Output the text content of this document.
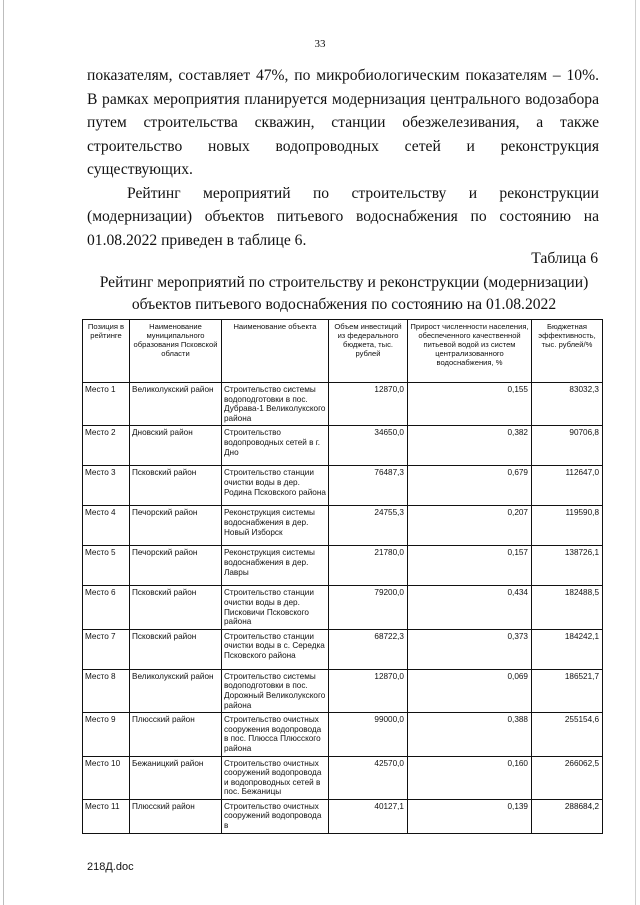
33

показателям, составляет 47%, по микробиологическим показателям – 10%. В рамках мероприятия планируется модернизация центрального водозабора путем строительства скважин, станции обезжелезивания, а также строительство новых водопроводных сетей и реконструкция существующих.

Рейтинг мероприятий по строительству и реконструкции (модернизации) объектов питьевого водоснабжения по состоянию на 01.08.2022 приведен в таблице 6.

Таблица 6
Рейтинг мероприятий по строительству и реконструкции (модернизации) объектов питьевого водоснабжения по состоянию на 01.08.2022
Позиция в рейтинге	Наименование муниципального образования Псковской области	Наименование объекта	Объем инвестиций из федерального бюджета, тыс. рублей	Прирост численности населения, обеспеченного качественной питьевой водой из систем централизованного водоснабжения, %	Бюджетная эффективность, тыс. рублей/%
Место 1	Великолукский район	Строительство системы водоподготовки в пос. Дубрава-1 Великолукского района	12870,0	0,155	83032,3
Место 2	Дновский район	Строительство водопроводных сетей в г. Дно	34650,0	0,382	90706,8
Место 3	Псковский район	Строительство станции очистки воды в дер. Родина Псковского района	76487,3	0,679	112647,0
Место 4	Печорский район	Реконструкция системы водоснабжения в дер. Новый Изборск	24755,3	0,207	119590,8
Место 5	Печорский район	Реконструкция системы водоснабжения в дер. Лавры	21780,0	0,157	138726,1
Место 6	Псковский район	Строительство станции очистки воды в дер. Писковичи Псковского района	79200,0	0,434	182488,5
Место 7	Псковский район	Строительство станции очистки воды в с. Середка Псковского района	68722,3	0,373	184242,1
Место 8	Великолукский район	Строительство системы водоподготовки в пос. Дорожный Великолукского района	12870,0	0,069	186521,7
Место 9	Плюсский район	Строительство очистных сооружения водопровода в пос. Плюсса Плюсского района	99000,0	0,388	255154,6
Место 10	Бежаницкий район	Строительство очистных сооружений водопровода и водопроводных сетей в пос. Бежаницы	42570,0	0,160	266062,5
Место 11	Плюсский район	Строительство очистных сооружений водопровода в	40127,1	0,139	288684,2
218Д.doc
